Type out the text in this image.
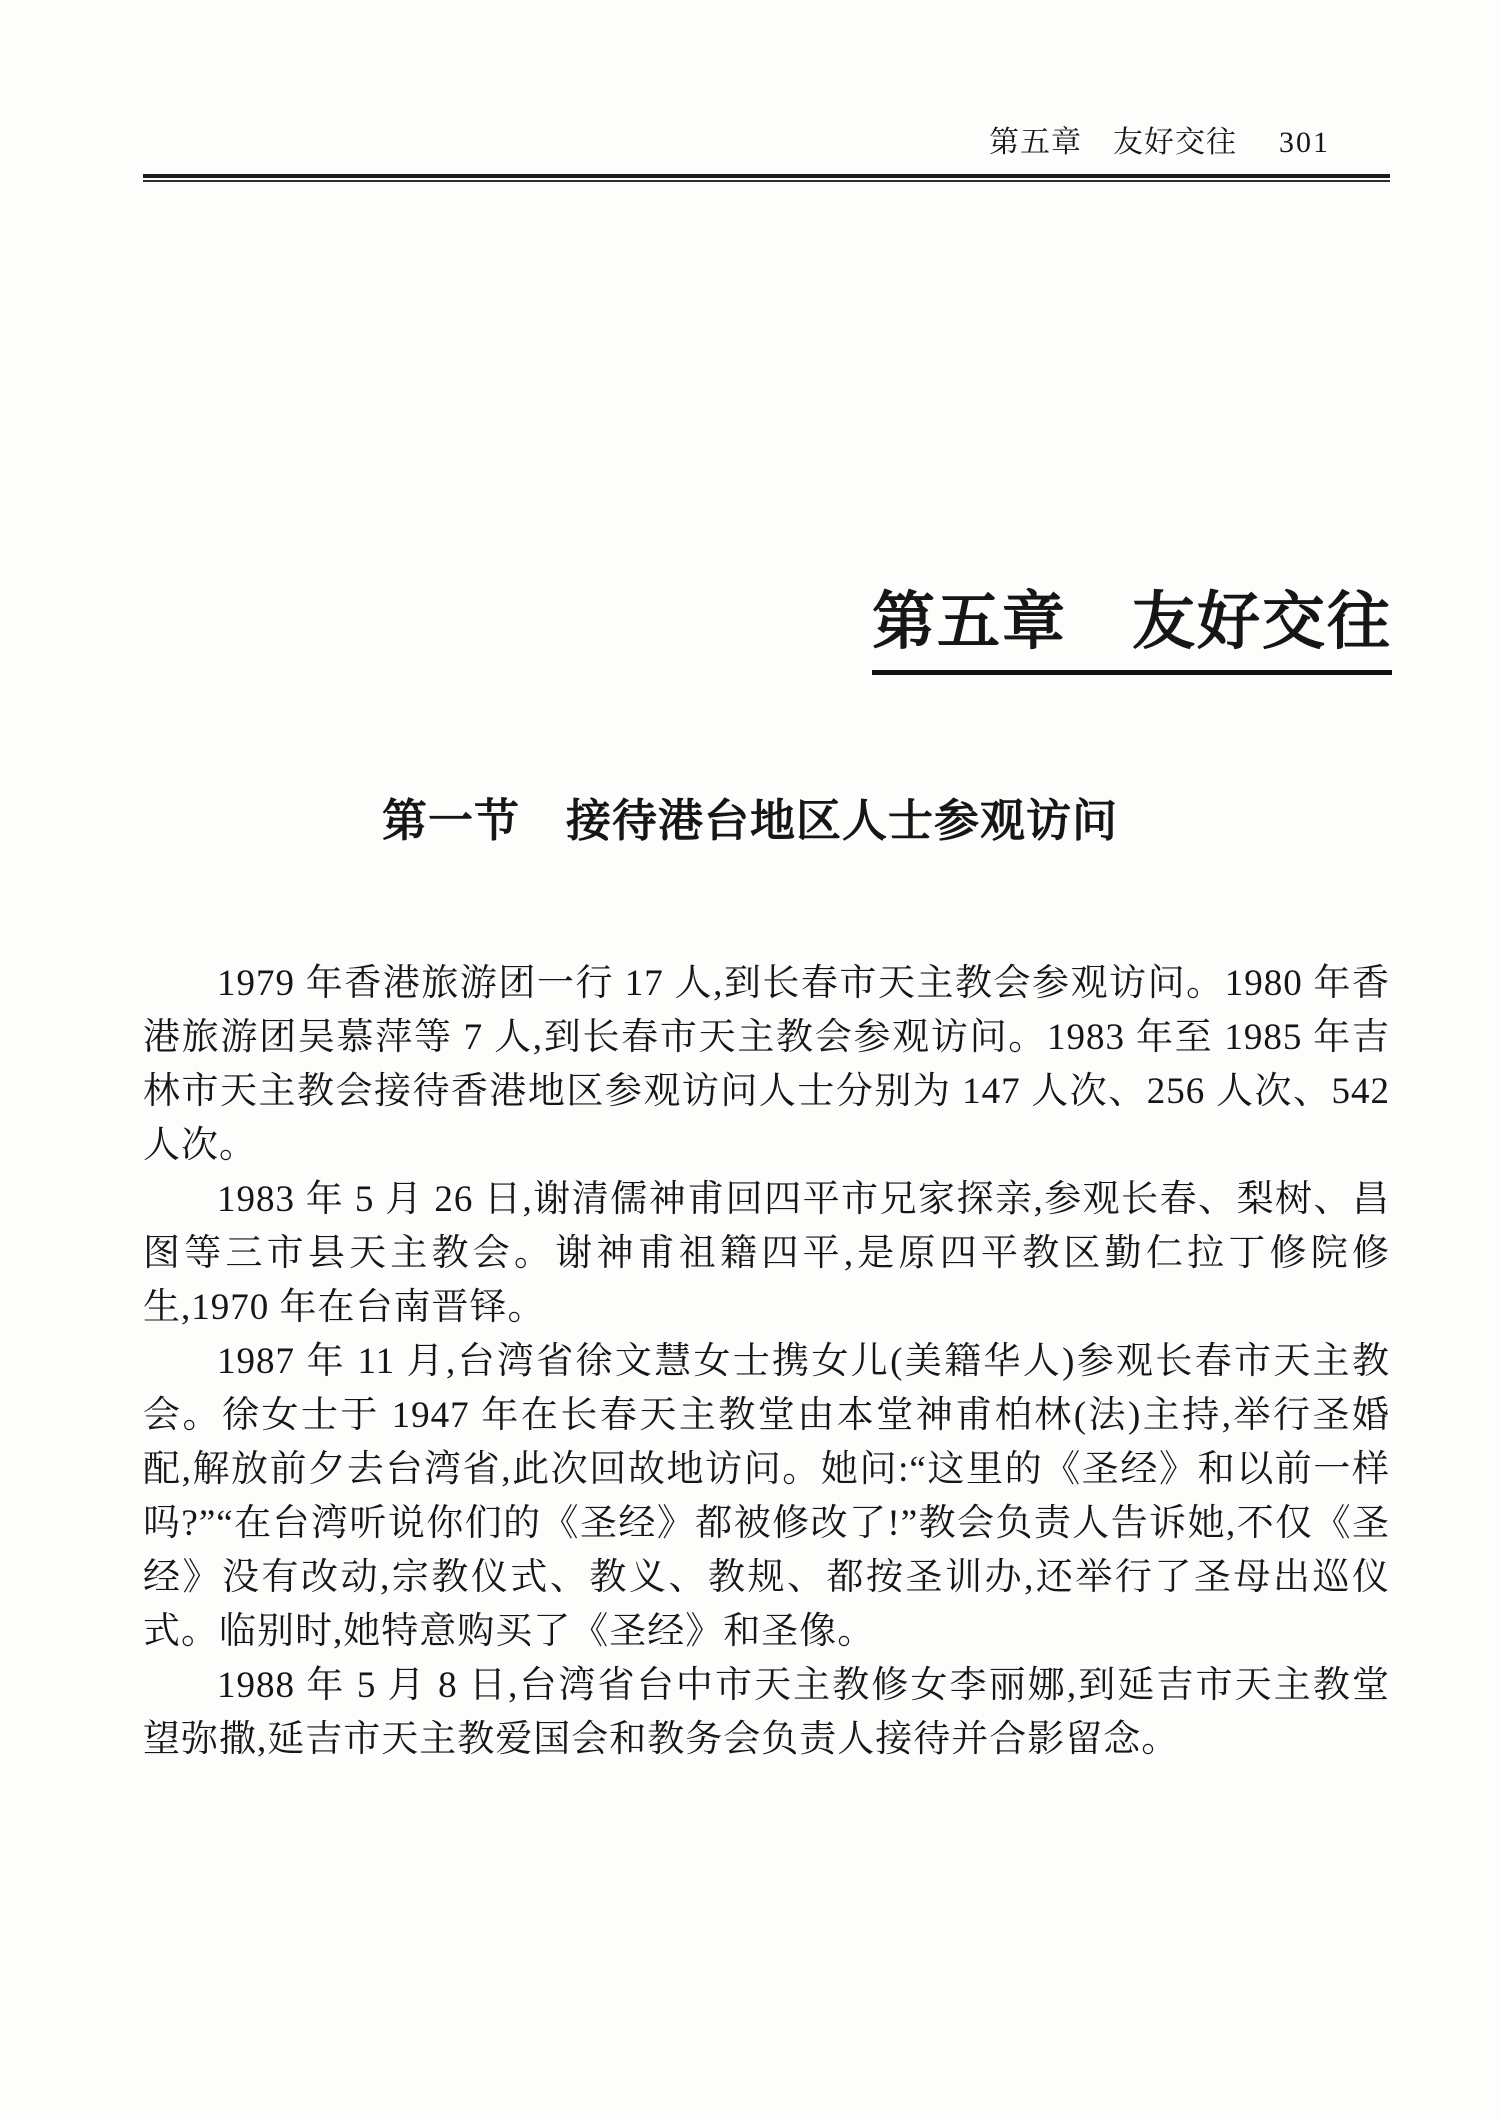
第五章　友好交往 301
第五章　友好交往
第一节　接待港台地区人士参观访问

1979 年香港旅游团一行 17 人,到长春市天主教会参观访问。1980 年香港旅游团吴慕萍等 7 人,到长春市天主教会参观访问。1983 年至 1985 年吉林市天主教会接待香港地区参观访问人士分别为 147 人次、256 人次、542 人次。

1983 年 5 月 26 日,谢清儒神甫回四平市兄家探亲,参观长春、梨树、昌图等三市县天主教会。谢神甫祖籍四平,是原四平教区勤仁拉丁修院修生,1970 年在台南晋铎。

1987 年 11 月,台湾省徐文慧女士携女儿(美籍华人)参观长春市天主教会。徐女士于 1947 年在长春天主教堂由本堂神甫柏林(法)主持,举行圣婚配,解放前夕去台湾省,此次回故地访问。她问:“这里的《圣经》和以前一样吗?”“在台湾听说你们的《圣经》都被修改了!”教会负责人告诉她,不仅《圣经》没有改动,宗教仪式、教义、教规、都按圣训办,还举行了圣母出巡仪式。临别时,她特意购买了《圣经》和圣像。

1988 年 5 月 8 日,台湾省台中市天主教修女李丽娜,到延吉市天主教堂望弥撒,延吉市天主教爱国会和教务会负责人接待并合影留念。
